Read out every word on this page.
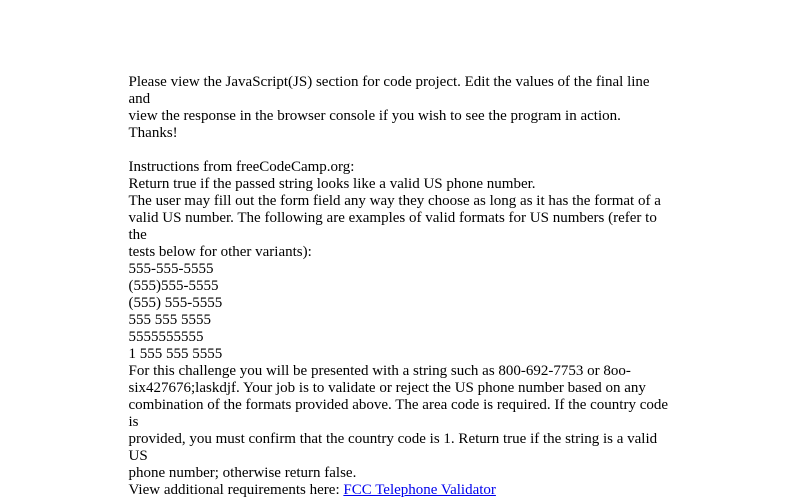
Please view the JavaScript(JS) section for code project. Edit the values of the final line and
view the response in the browser console if you wish to see the program in action. Thanks!

Instructions from freeCodeCamp.org:
Return true if the passed string looks like a valid US phone number.
The user may fill out the form field any way they choose as long as it has the format of a
valid US number. The following are examples of valid formats for US numbers (refer to the
tests below for other variants):
555-555-5555
(555)555-5555
(555) 555-5555
555 555 5555
5555555555
1 555 555 5555
For this challenge you will be presented with a string such as 800-692-7753 or 8oo-
six427676;laskdjf. Your job is to validate or reject the US phone number based on any
combination of the formats provided above. The area code is required. If the country code is
provided, you must confirm that the country code is 1. Return true if the string is a valid US
phone number; otherwise return false.
View additional requirements here: FCC Telephone Validator
